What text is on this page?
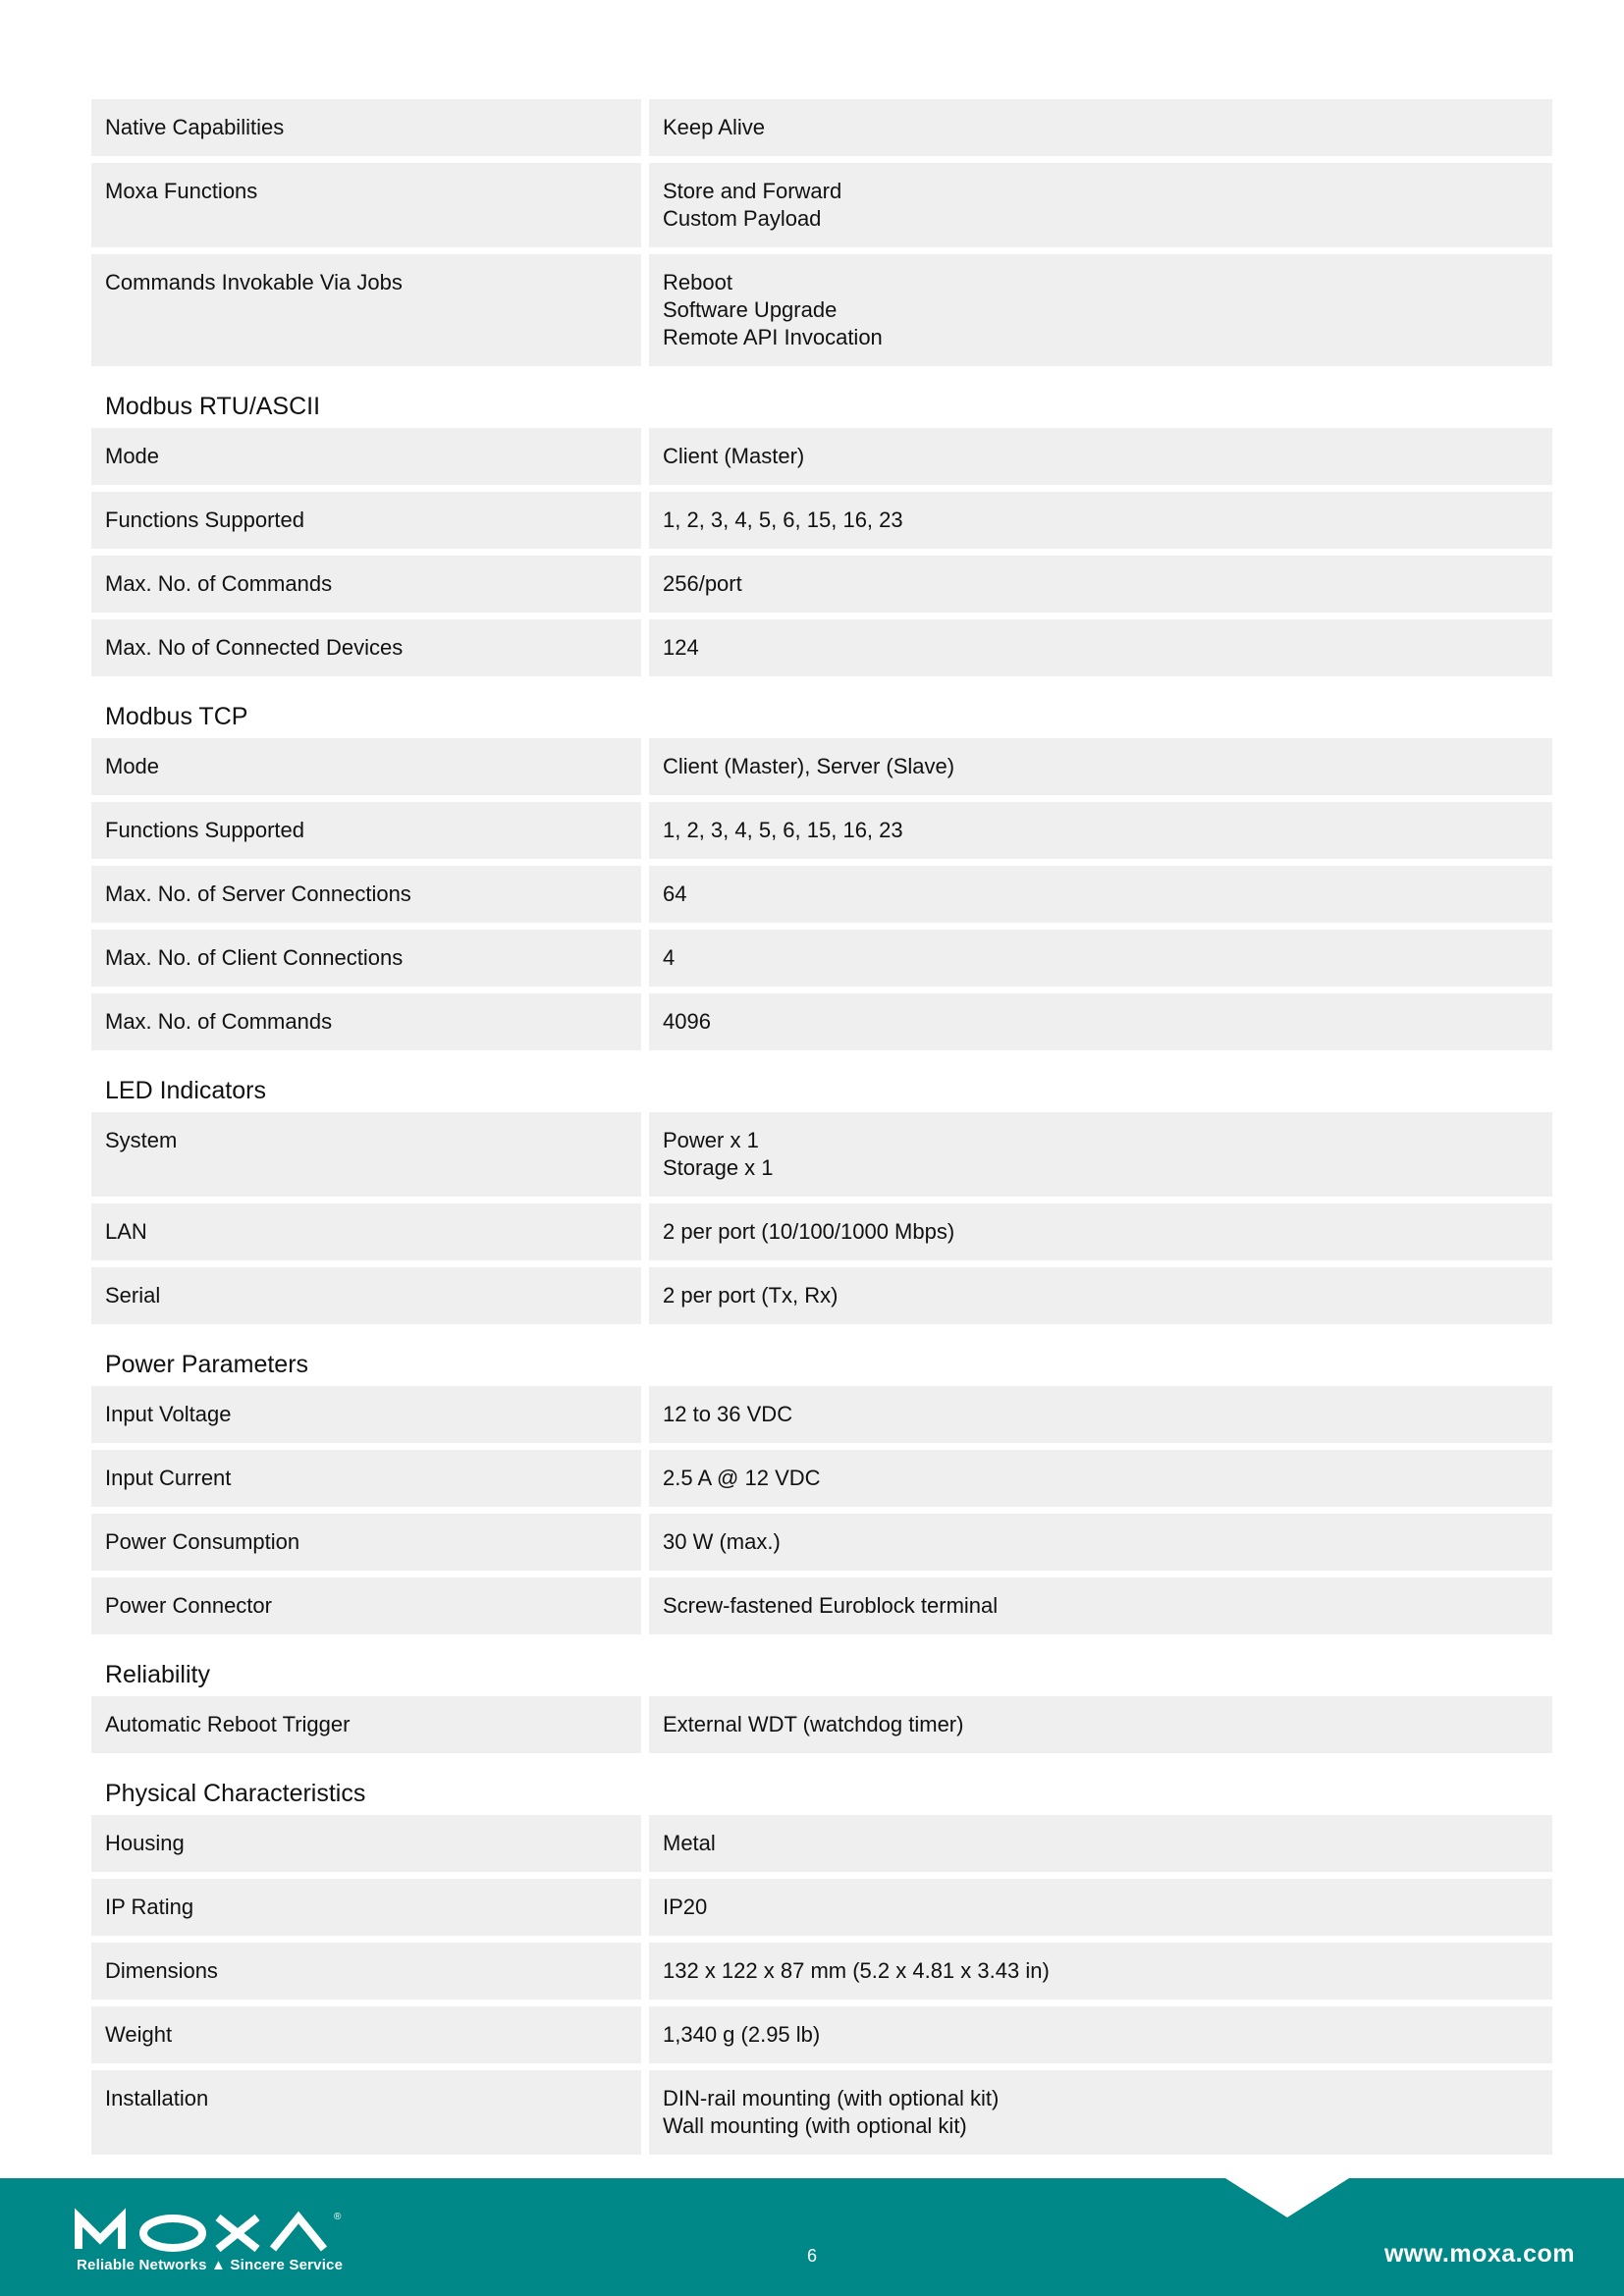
Native Capabilities	Keep Alive
Moxa Functions	Store and Forward
Custom Payload
Commands Invokable Via Jobs	Reboot
Software Upgrade
Remote API Invocation
Modbus RTU/ASCII
Mode	Client (Master)
Functions Supported	1, 2, 3, 4, 5, 6, 15, 16, 23
Max. No. of Commands	256/port
Max. No of Connected Devices	124
Modbus TCP
Mode	Client (Master), Server (Slave)
Functions Supported	1, 2, 3, 4, 5, 6, 15, 16, 23
Max. No. of Server Connections	64
Max. No. of Client Connections	4
Max. No. of Commands	4096
LED Indicators
System	Power x 1
Storage x 1
LAN	2 per port (10/100/1000 Mbps)
Serial	2 per port (Tx, Rx)
Power Parameters
Input Voltage	12 to 36 VDC
Input Current	2.5 A @ 12 VDC
Power Consumption	30 W (max.)
Power Connector	Screw-fastened Euroblock terminal
Reliability
Automatic Reboot Trigger	External WDT (watchdog timer)
Physical Characteristics
Housing	Metal
IP Rating	IP20
Dimensions	132 x 122 x 87 mm (5.2 x 4.81 x 3.43 in)
Weight	1,340 g (2.95 lb)
Installation	DIN-rail mounting (with optional kit)
Wall mounting (with optional kit)
®
Reliable Networks ▲ Sincere Service	6	www.moxa.com
